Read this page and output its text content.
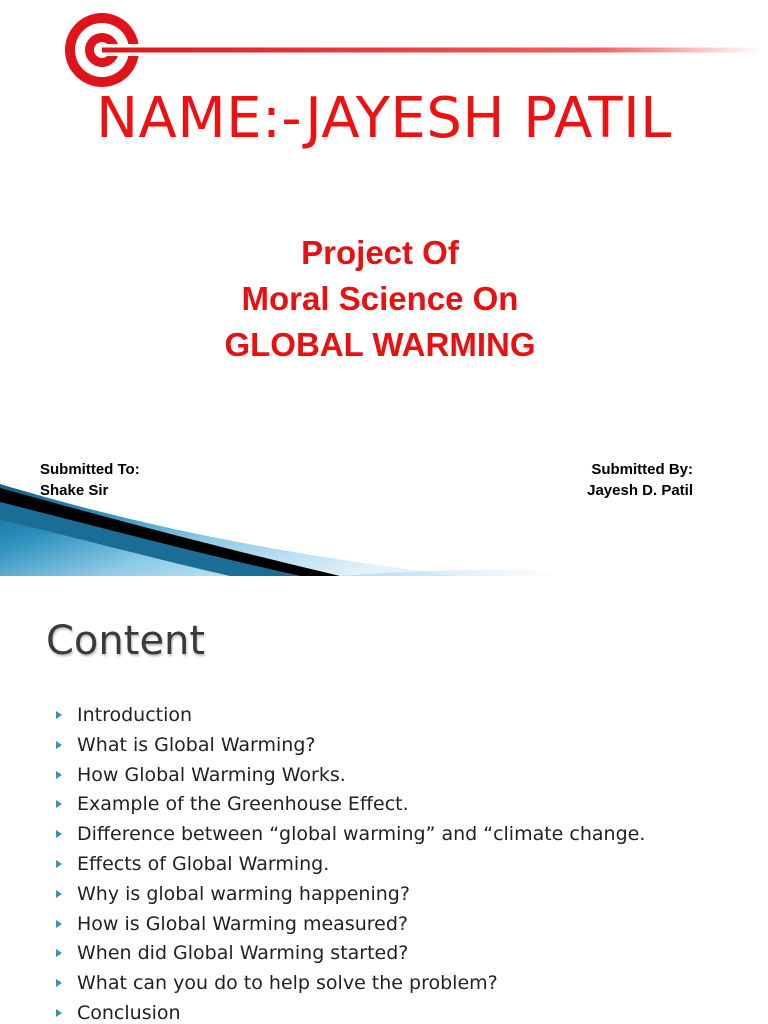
NAME:-JAYESH PATIL
Project Of
Moral Science On
GLOBAL WARMING
Submitted To:
Shake Sir
Submitted By:
Jayesh D. Patil
Content
Introduction
What is Global Warming?
How Global Warming Works.
Example of the Greenhouse Effect.
Difference between “global warming” and “climate change.
Effects of Global Warming.
Why is global warming happening?
How is Global Warming measured?
When did Global Warming started?
What can you do to help solve the problem?
Conclusion
